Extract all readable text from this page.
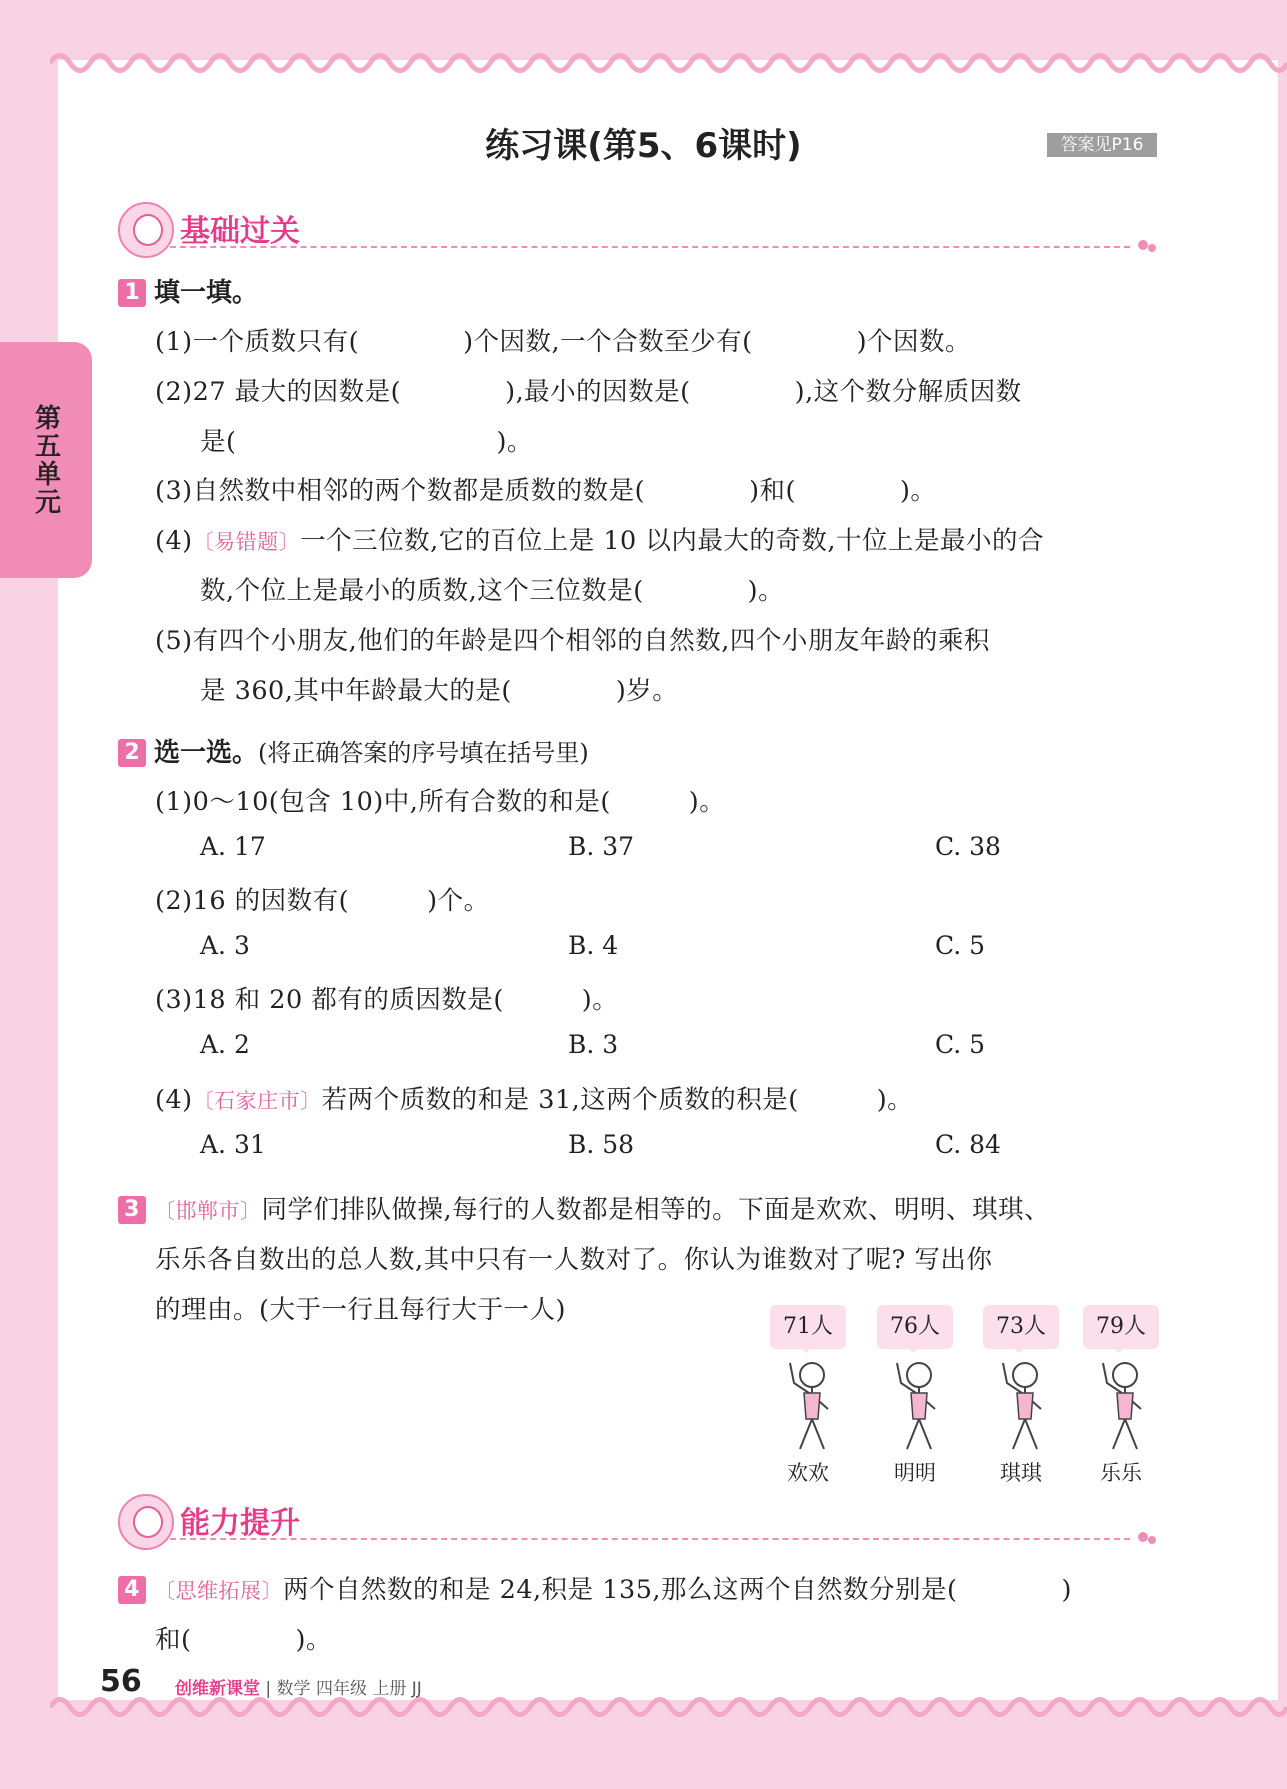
第五单元
练习课(第5、6课时)	答案见P16
基础过关
1 填一填。
(1)一个质数只有(　　　　)个因数,一个合数至少有(　　　　)个因数。
(2)27 最大的因数是(　　　　),最小的因数是(　　　　),这个数分解质因数
是(　　　　　　　　　　)。
(3)自然数中相邻的两个数都是质数的数是(　　　　)和(　　　　)。
(4)〔易错题〕一个三位数,它的百位上是 10 以内最大的奇数,十位上是最小的合
数,个位上是最小的质数,这个三位数是(　　　　)。
(5)有四个小朋友,他们的年龄是四个相邻的自然数,四个小朋友年龄的乘积
是 360,其中年龄最大的是(　　　　)岁。
2 选一选。(将正确答案的序号填在括号里)
(1)0～10(包含 10)中,所有合数的和是(　　　)。
A. 17	B. 37	C. 38
(2)16 的因数有(　　　)个。
A. 3	B. 4	C. 5
(3)18 和 20 都有的质因数是(　　　)。
A. 2	B. 3	C. 5
(4)〔石家庄市〕若两个质数的和是 31,这两个质数的积是(　　　)。
A. 31	B. 58	C. 84
3 〔邯郸市〕同学们排队做操,每行的人数都是相等的。下面是欢欢、明明、琪琪、
乐乐各自数出的总人数,其中只有一人数对了。你认为谁数对了呢? 写出你
的理由。(大于一行且每行大于一人)
71人
欢欢
76人
明明
73人
琪琪
79人
乐乐
能力提升
4 〔思维拓展〕两个自然数的和是 24,积是 135,那么这两个自然数分别是(　　　　)
和(　　　　)。
56 创维新课堂 | 数学 四年级 上册 JJ
